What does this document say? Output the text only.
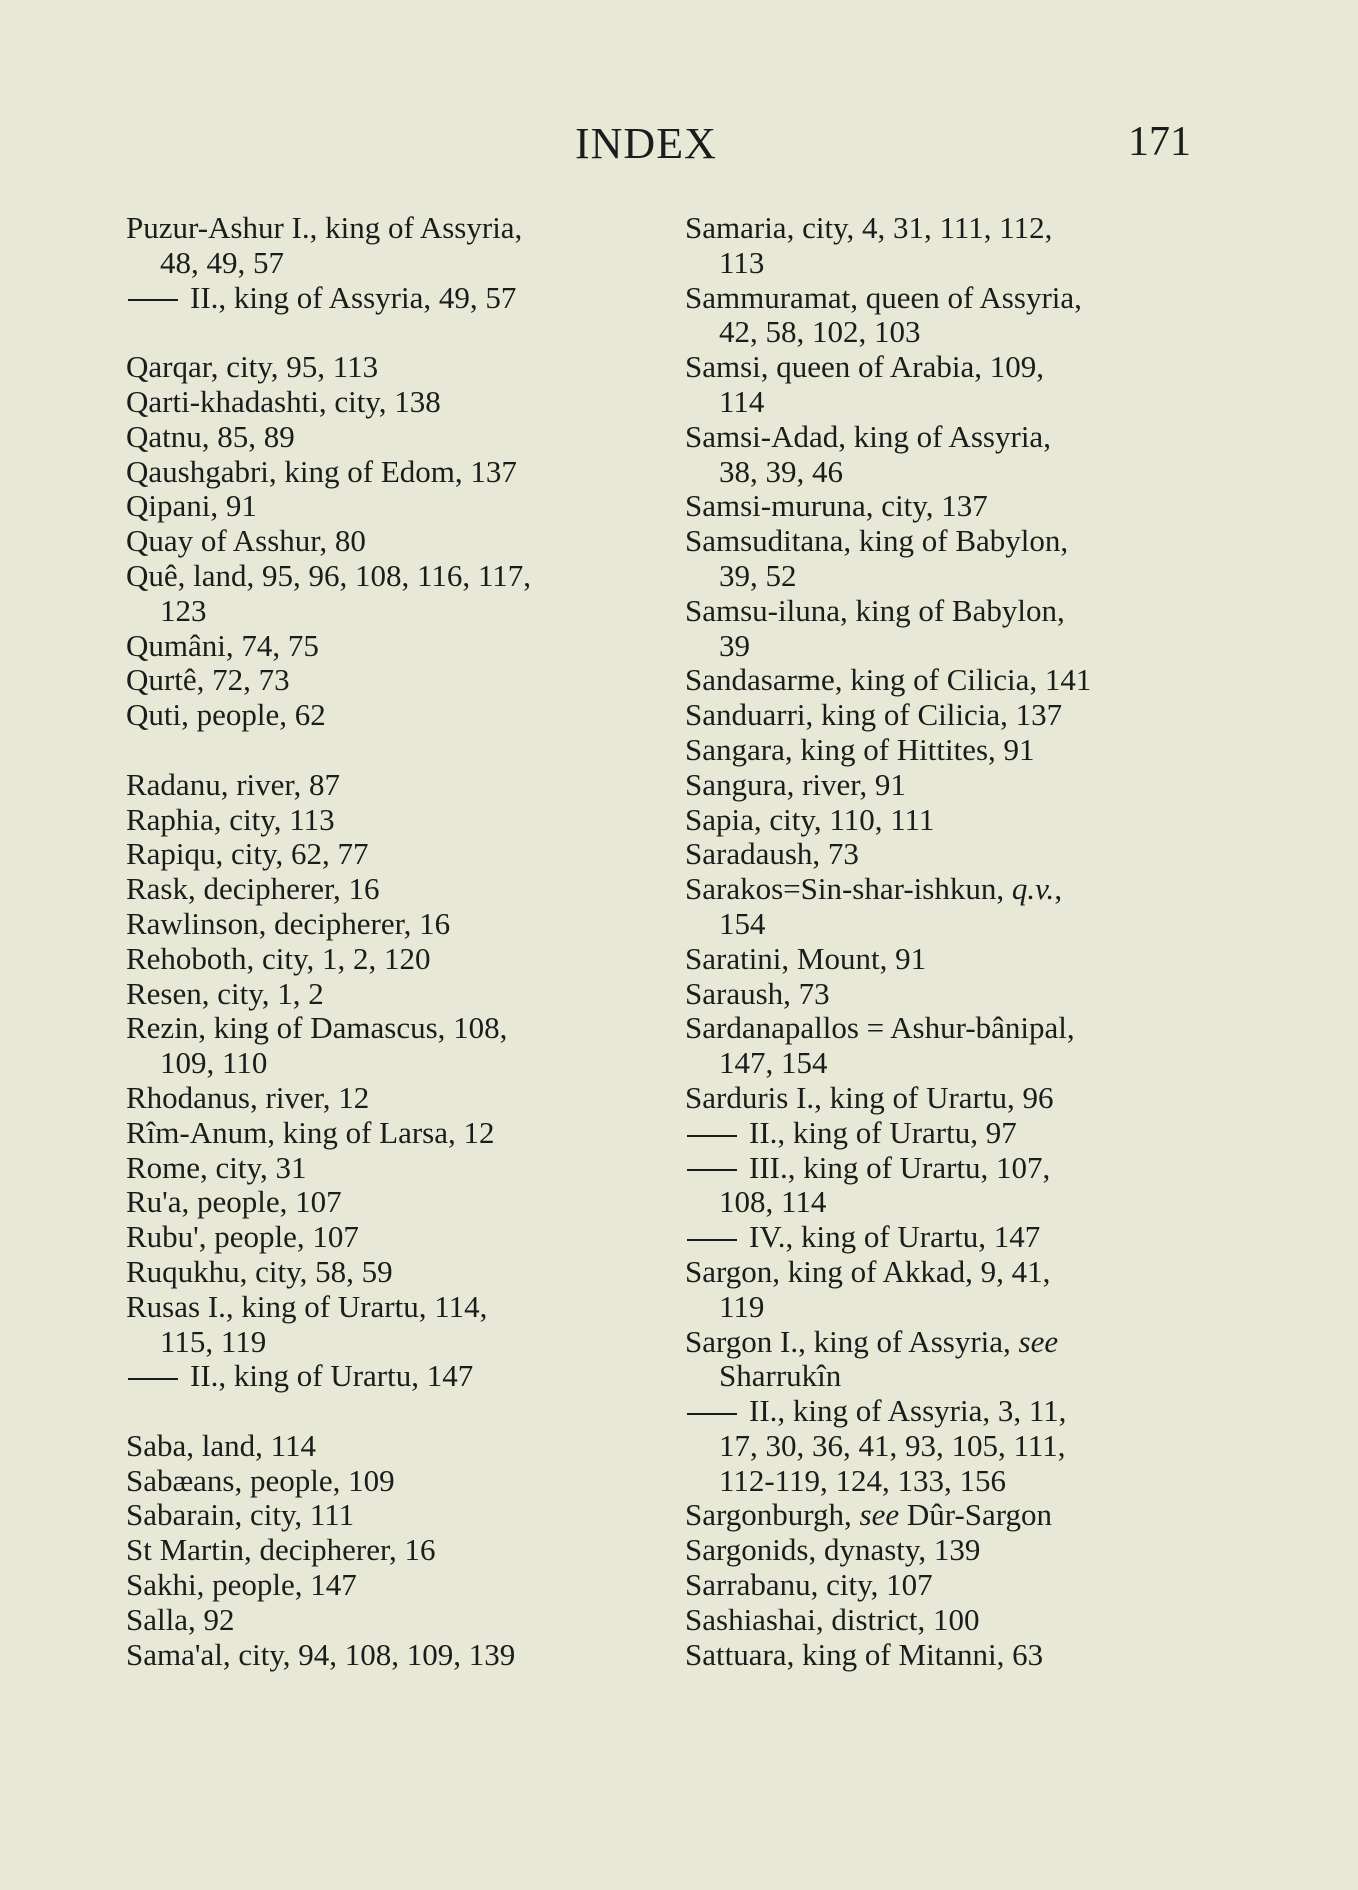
INDEX	171
Puzur-Ashur I., king of Assyria,
48, 49, 57
II., king of Assyria, 49, 57
Qarqar, city, 95, 113
Qarti-khadashti, city, 138
Qatnu, 85, 89
Qaushgabri, king of Edom, 137
Qipani, 91
Quay of Asshur, 80
Quê, land, 95, 96, 108, 116, 117,
123
Qumâni, 74, 75
Qurtê, 72, 73
Quti, people, 62
Radanu, river, 87
Raphia, city, 113
Rapiqu, city, 62, 77
Rask, decipherer, 16
Rawlinson, decipherer, 16
Rehoboth, city, 1, 2, 120
Resen, city, 1, 2
Rezin, king of Damascus, 108,
109, 110
Rhodanus, river, 12
Rîm-Anum, king of Larsa, 12
Rome, city, 31
Ru'a, people, 107
Rubu', people, 107
Ruqukhu, city, 58, 59
Rusas I., king of Urartu, 114,
115, 119
II., king of Urartu, 147
Saba, land, 114
Sabæans, people, 109
Sabarain, city, 111
St Martin, decipherer, 16
Sakhi, people, 147
Salla, 92
Sama'al, city, 94, 108, 109, 139
Samaria, city, 4, 31, 111, 112,
113
Sammuramat, queen of Assyria,
42, 58, 102, 103
Samsi, queen of Arabia, 109,
114
Samsi-Adad, king of Assyria,
38, 39, 46
Samsi-muruna, city, 137
Samsuditana, king of Babylon,
39, 52
Samsu-iluna, king of Babylon,
39
Sandasarme, king of Cilicia, 141
Sanduarri, king of Cilicia, 137
Sangara, king of Hittites, 91
Sangura, river, 91
Sapia, city, 110, 111
Saradaush, 73
Sarakos=Sin-shar-ishkun, q.v.,
154
Saratini, Mount, 91
Saraush, 73
Sardanapallos = Ashur-bânipal,
147, 154
Sarduris I., king of Urartu, 96
II., king of Urartu, 97
III., king of Urartu, 107,
108, 114
IV., king of Urartu, 147
Sargon, king of Akkad, 9, 41,
119
Sargon I., king of Assyria, see
Sharrukîn
II., king of Assyria, 3, 11,
17, 30, 36, 41, 93, 105, 111,
112-119, 124, 133, 156
Sargonburgh, see Dûr-Sargon
Sargonids, dynasty, 139
Sarrabanu, city, 107
Sashiashai, district, 100
Sattuara, king of Mitanni, 63
